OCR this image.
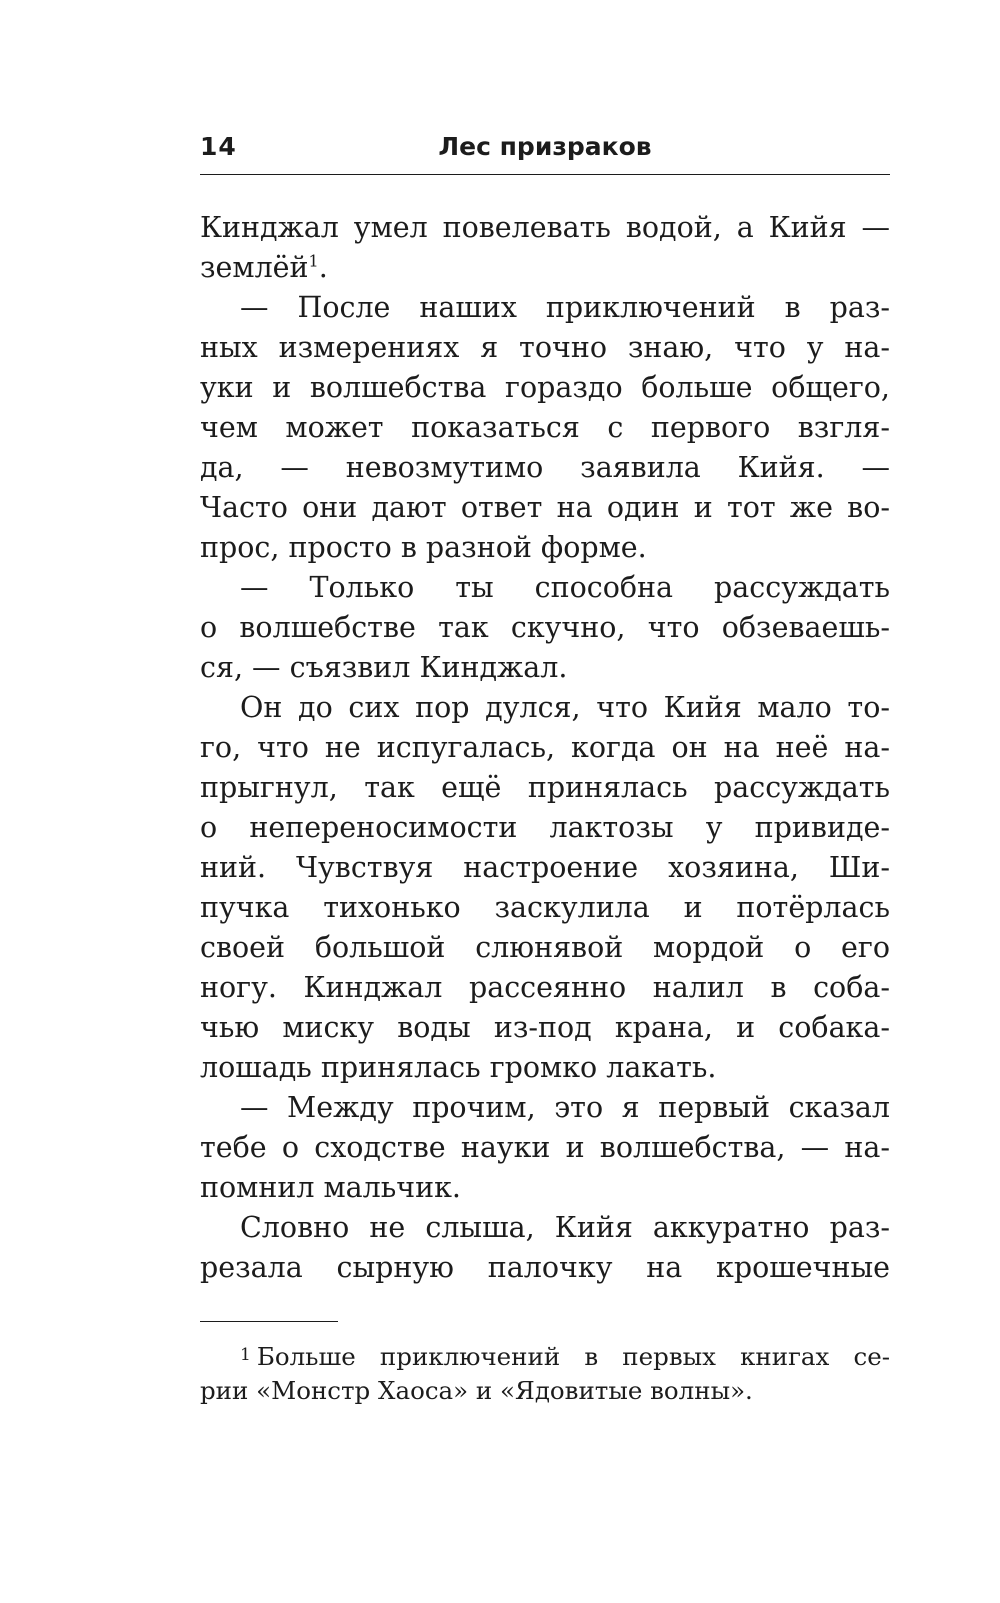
14	Лес призраков
Кинджал умел повелевать водой, а Кийя —
землёй$^1$.
— После наших приключений в раз-
ных измерениях я точно знаю, что у на-
уки и волшебства гораздо больше общего,
чем может показаться с первого взгля-
да, — невозмутимо заявила Кийя. —
Часто они дают ответ на один и тот же во-
прос, просто в разной форме.
— Только ты способна рассуждать
о волшебстве так скучно, что обзеваешь-
ся, — съязвил Кинджал.
Он до сих пор дулся, что Кийя мало то-
го, что не испугалась, когда он на неё на-
прыгнул, так ещё принялась рассуждать
о непереносимости лактозы у привиде-
ний. Чувствуя настроение хозяина, Ши-
пучка тихонько заскулила и потёрлась
своей большой слюнявой мордой о его
ногу. Кинджал рассеянно налил в соба-
чью миску воды из-под крана, и собака-
лошадь принялась громко лакать.
— Между прочим, это я первый сказал
тебе о сходстве науки и волшебства, — на-
помнил мальчик.
Словно не слыша, Кийя аккуратно раз-
резала сырную палочку на крошечные
$^1$ Больше приключений в первых книгах се-
рии «Монстр Хаоса» и «Ядовитые волны».
